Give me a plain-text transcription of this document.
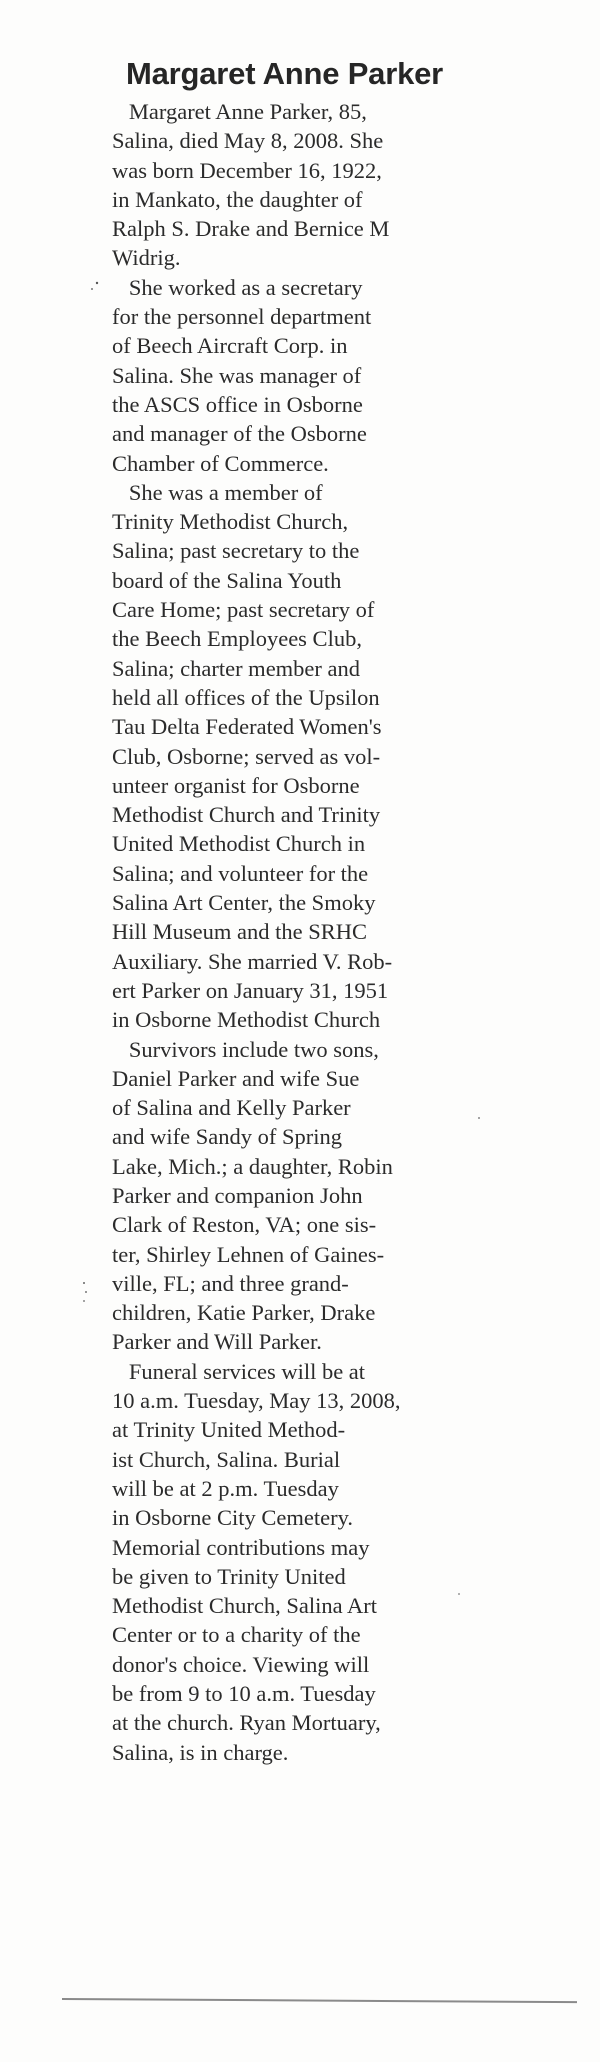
Margaret Anne Parker
Margaret Anne Parker, 85,
Salina, died May 8, 2008. She
was born December 16, 1922,
in Mankato, the daughter of
Ralph S. Drake and Bernice M
Widrig.
She worked as a secretary
for the personnel department
of Beech Aircraft Corp. in
Salina. She was manager of
the ASCS office in Osborne
and manager of the Osborne
Chamber of Commerce.
She was a member of
Trinity Methodist Church,
Salina; past secretary to the
board of the Salina Youth
Care Home; past secretary of
the Beech Employees Club,
Salina; charter member and
held all offices of the Upsilon
Tau Delta Federated Women's
Club, Osborne; served as vol-
unteer organist for Osborne
Methodist Church and Trinity
United Methodist Church in
Salina; and volunteer for the
Salina Art Center, the Smoky
Hill Museum and the SRHC
Auxiliary. She married V. Rob-
ert Parker on January 31, 1951
in Osborne Methodist Church
Survivors include two sons,
Daniel Parker and wife Sue
of Salina and Kelly Parker
and wife Sandy of Spring
Lake, Mich.; a daughter, Robin
Parker and companion John
Clark of Reston, VA; one sis-
ter, Shirley Lehnen of Gaines-
ville, FL; and three grand-
children, Katie Parker, Drake
Parker and Will Parker.
Funeral services will be at
10 a.m. Tuesday, May 13, 2008,
at Trinity United Method-
ist Church, Salina. Burial
will be at 2 p.m. Tuesday
in Osborne City Cemetery.
Memorial contributions may
be given to Trinity United
Methodist Church, Salina Art
Center or to a charity of the
donor's choice. Viewing will
be from 9 to 10 a.m. Tuesday
at the church. Ryan Mortuary,
Salina, is in charge.
